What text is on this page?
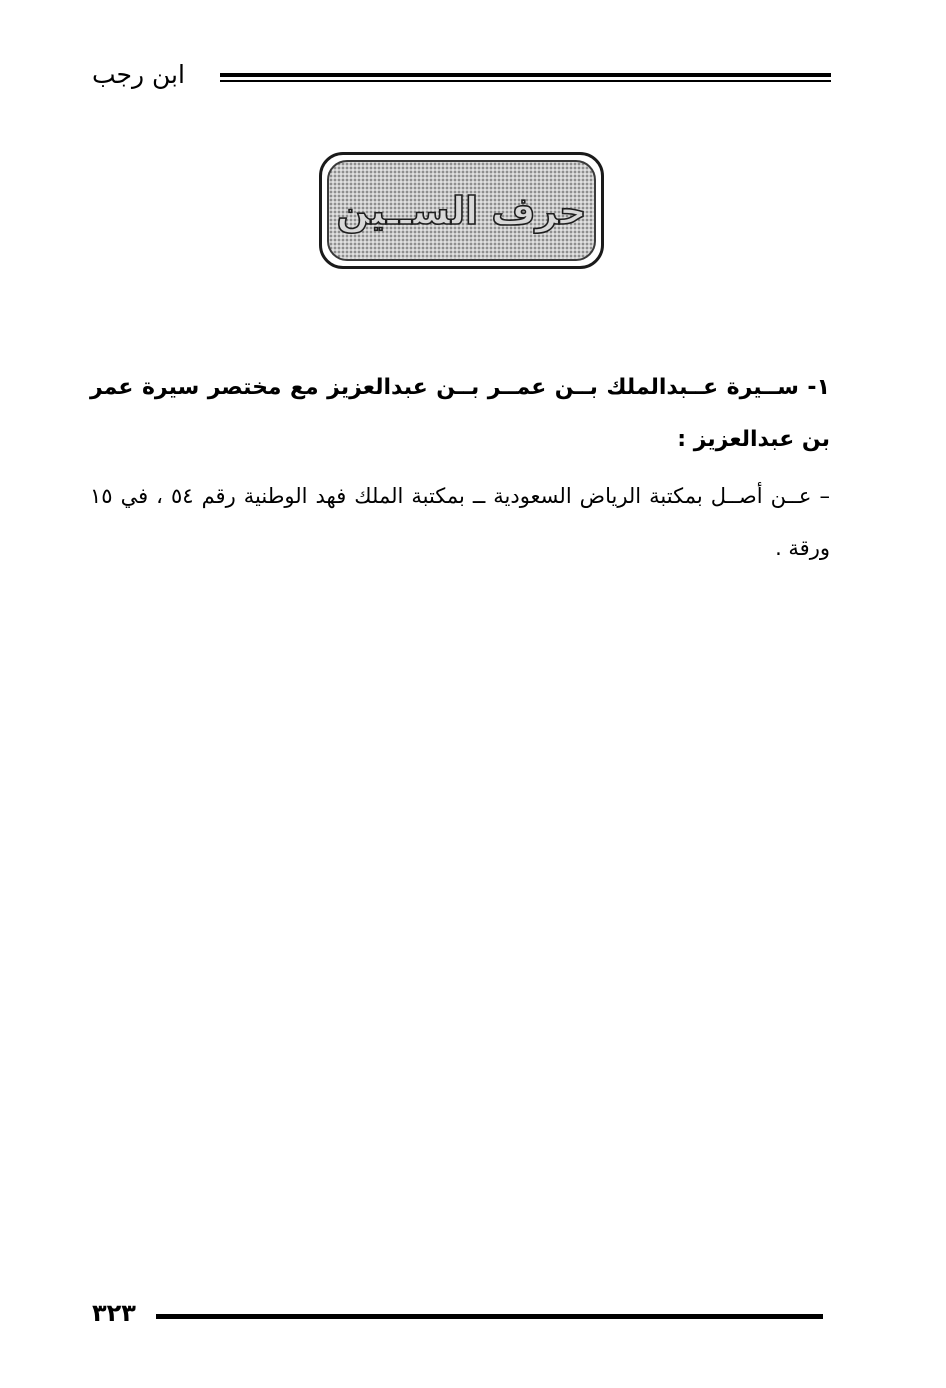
ابن رجب
حرف الســين
١- ســيرة عــبدالملك بــن عمــر بــن عبدالعزيز مع مختصر سيرة عمر بن عبدالعزيز :
– عــن أصــل بمكتبة الرياض السعودية ــ بمكتبة الملك فهد الوطنية رقم ٥٤ ، في ١٥ ورقة .
٣٢٣
